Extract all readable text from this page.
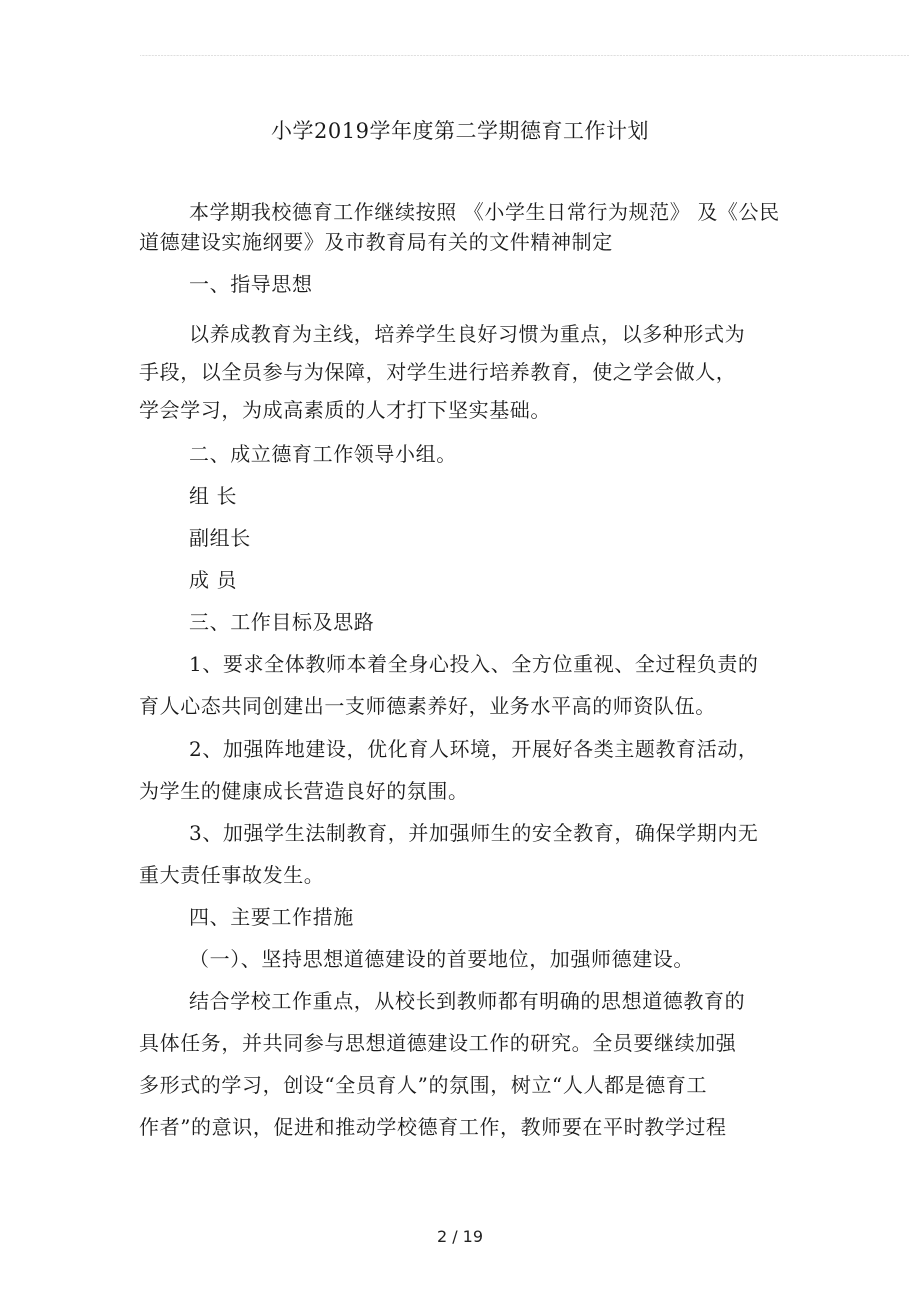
...........................................................................................................................................................................................................................................................................................................................................................................................................................................................................................................................................
小学2019学年度第二学期德育工作计划
本学期我校德育工作继续按照 《小学生日常行为规范》 及《公民
道德建设实施纲要》及市教育局有关的文件精神制定
一、指导思想
以养成教育为主线，培养学生良好习惯为重点，以多种形式为
手段，以全员参与为保障，对学生进行培养教育，使之学会做人，
学会学习，为成高素质的人才打下坚实基础。
二、成立德育工作领导小组。
组 长
副组长
成 员
三、工作目标及思路
1、要求全体教师本着全身心投入、全方位重视、全过程负责的
育人心态共同创建出一支师德素养好，业务水平高的师资队伍。
2、加强阵地建设，优化育人环境，开展好各类主题教育活动，
为学生的健康成长营造良好的氛围。
3、加强学生法制教育，并加强师生的安全教育，确保学期内无
重大责任事故发生。
四、主要工作措施
（一）、坚持思想道德建设的首要地位，加强师德建设。
结合学校工作重点，从校长到教师都有明确的思想道德教育的
具体任务，并共同参与思想道德建设工作的研究。全员要继续加强
多形式的学习，创设“全员育人”的氛围，树立“人人都是德育工
作者”的意识，促进和推动学校德育工作，教师要在平时教学过程
2 / 19
